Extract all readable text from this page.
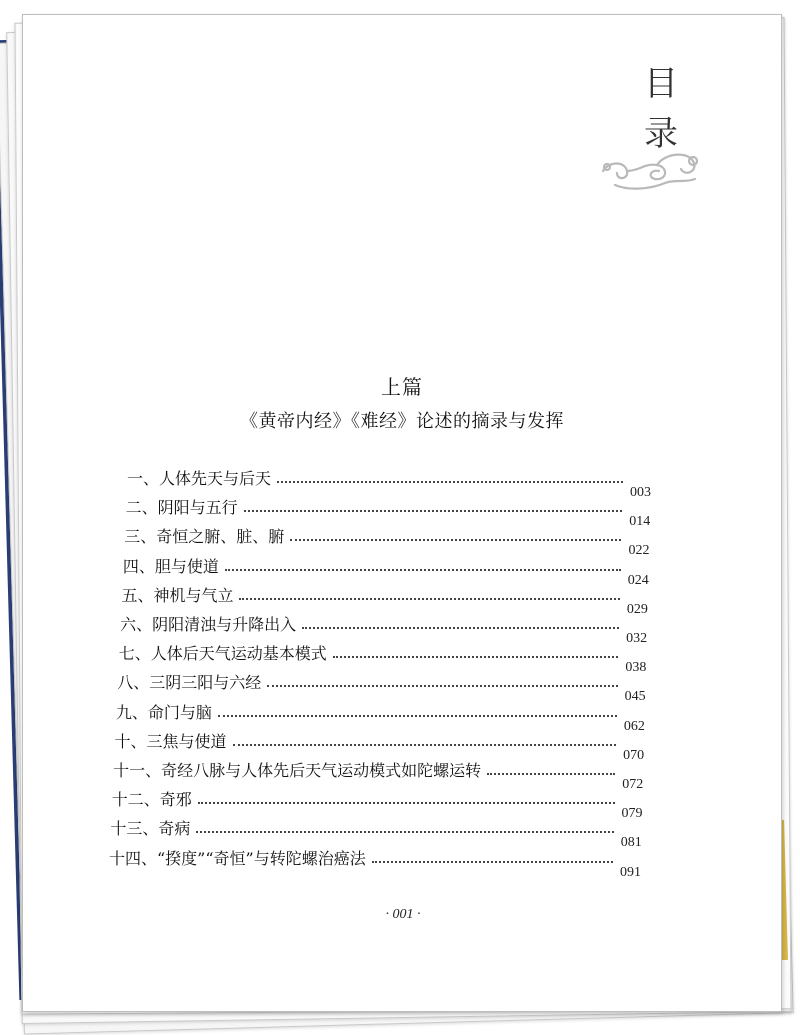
目
录
上篇
《黄帝内经》《难经》论述的摘录与发挥
一、人体先天与后天
003
二、阴阳与五行
014
三、奇恒之腑、脏、腑
022
四、胆与使道
024
五、神机与气立
029
六、阴阳清浊与升降出入
032
七、人体后天气运动基本模式
038
八、三阴三阳与六经
045
九、命门与脑
062
十、三焦与使道
070
十一、奇经八脉与人体先后天气运动模式如陀螺运转
072
十二、奇邪
079
十三、奇病
081
十四、“揆度”“奇恒”与转陀螺治癌法
091
· 001 ·
